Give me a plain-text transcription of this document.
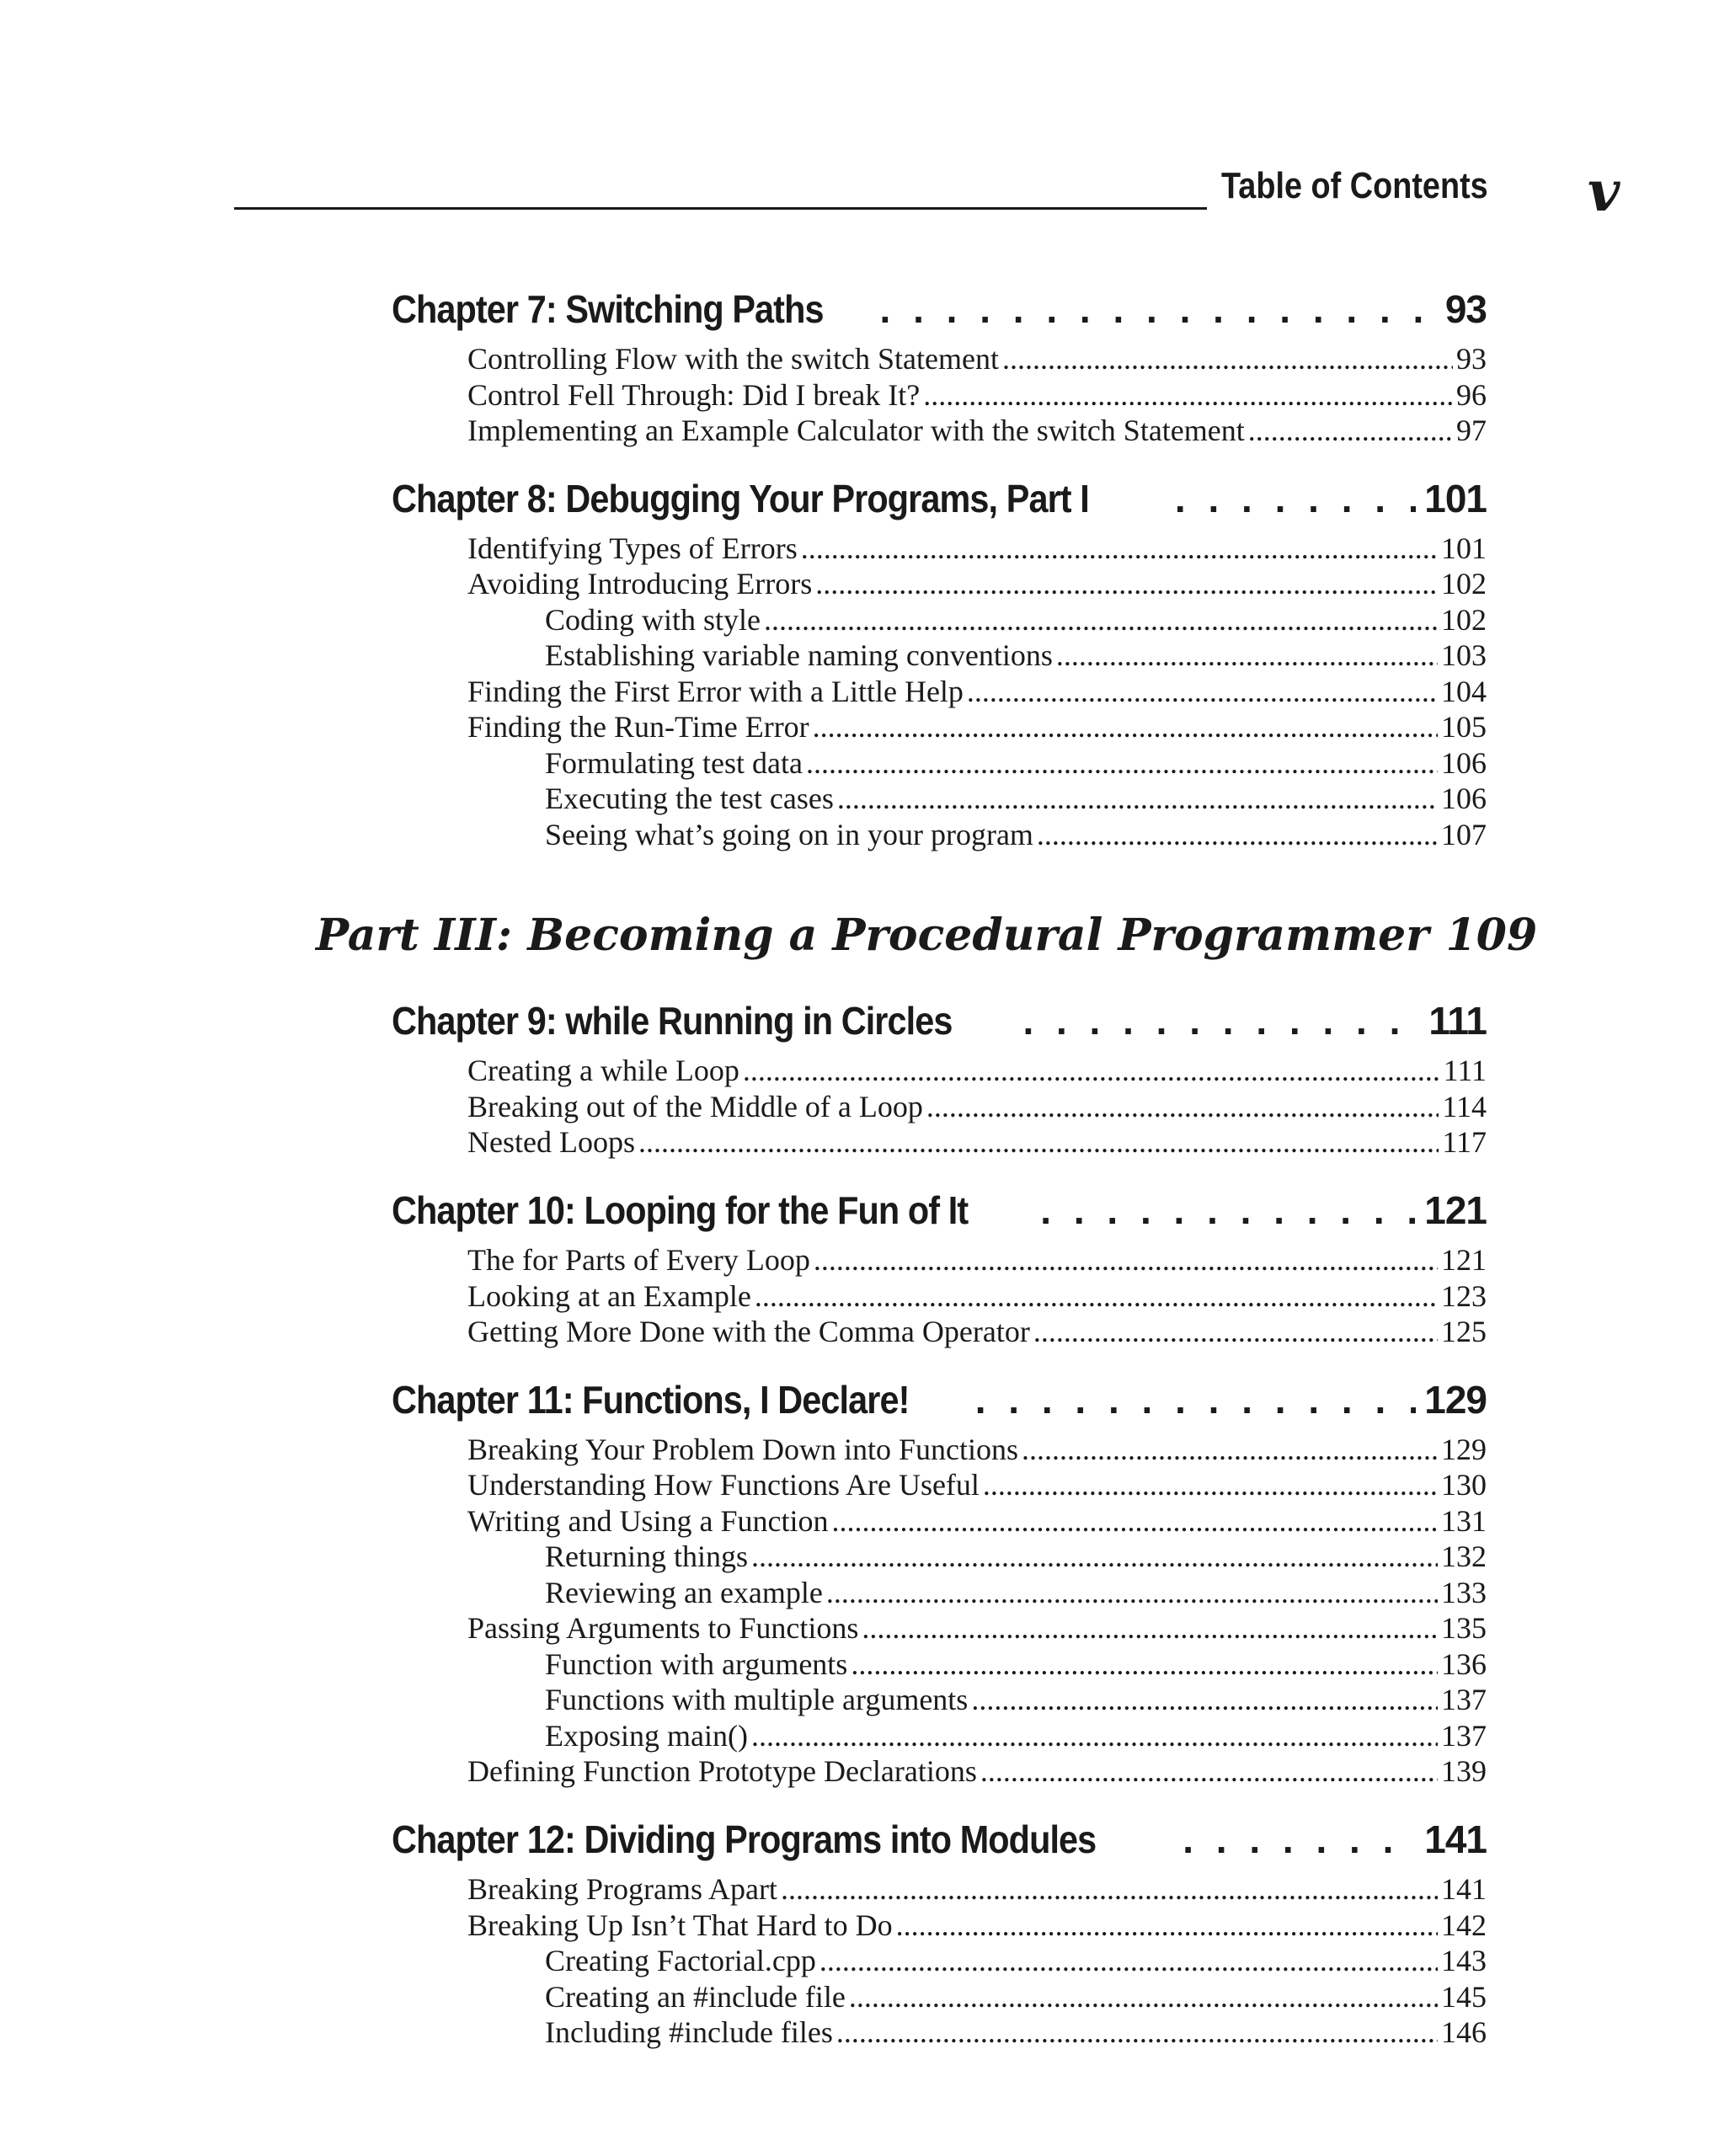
Table of Contents v
Chapter 7: Switching Paths . . .	93
Controlling Flow with the switch Statement .....	93
Control Fell Through: Did I break It? .....	96
Implementing an Example Calculator with the switch Statement .....	97
Chapter 8: Debugging Your Programs, Part I . . .	101
Identifying Types of Errors .....	101
Avoiding Introducing Errors .....	102
Coding with style .....	102
Establishing variable naming conventions .....	103
Finding the First Error with a Little Help .....	104
Finding the Run-Time Error .....	105
Formulating test data .....	106
Executing the test cases .....	106
Seeing what’s going on in your program .....	107
Part III: Becoming a Procedural Programmer 109
Chapter 9: while Running in Circles . . .	111
Creating a while Loop .....	111
Breaking out of the Middle of a Loop .....	114
Nested Loops .....	117
Chapter 10: Looping for the Fun of It . . .	121
The for Parts of Every Loop .....	121
Looking at an Example .....	123
Getting More Done with the Comma Operator .....	125
Chapter 11: Functions, I Declare! . . .	129
Breaking Your Problem Down into Functions .....	129
Understanding How Functions Are Useful .....	130
Writing and Using a Function .....	131
Returning things .....	132
Reviewing an example .....	133
Passing Arguments to Functions .....	135
Function with arguments .....	136
Functions with multiple arguments .....	137
Exposing main() .....	137
Defining Function Prototype Declarations .....	139
Chapter 12: Dividing Programs into Modules . . .	141
Breaking Programs Apart .....	141
Breaking Up Isn’t That Hard to Do .....	142
Creating Factorial.cpp .....	143
Creating an #include file .....	145
Including #include files .....	146
